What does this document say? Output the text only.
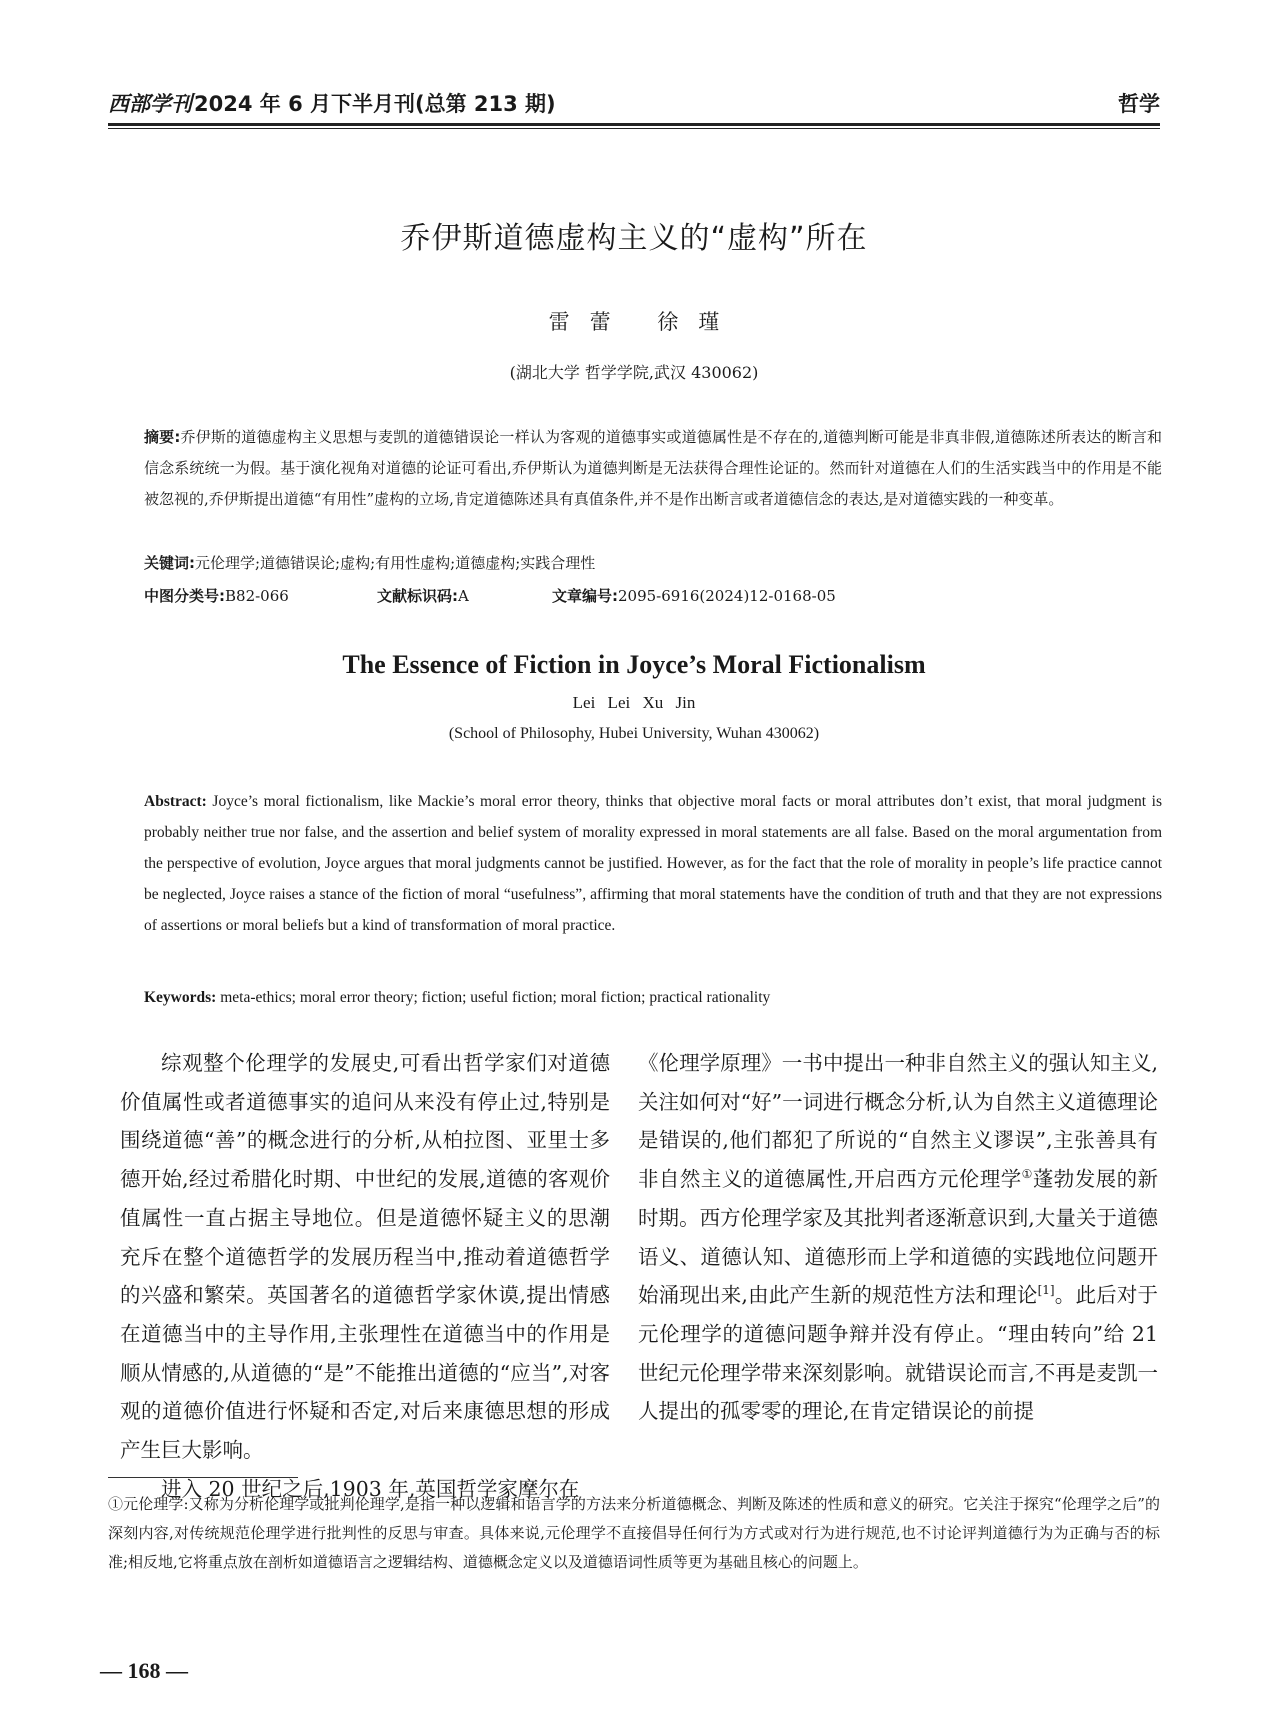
西部学刊2024 年 6 月下半月刊(总第 213 期)	哲学
乔伊斯道德虚构主义的“虚构”所在
雷蕾 徐瑾
(湖北大学 哲学学院,武汉 430062)
摘要:乔伊斯的道德虚构主义思想与麦凯的道德错误论一样认为客观的道德事实或道德属性是不存在的,道德判断可能是非真非假,道德陈述所表达的断言和信念系统统一为假。基于演化视角对道德的论证可看出,乔伊斯认为道德判断是无法获得合理性论证的。然而针对道德在人们的生活实践当中的作用是不能被忽视的,乔伊斯提出道德“有用性”虚构的立场,肯定道德陈述具有真值条件,并不是作出断言或者道德信念的表达,是对道德实践的一种变革。
关键词:元伦理学;道德错误论;虚构;有用性虚构;道德虚构;实践合理性
中图分类号:B82-066	文献标识码:A	文章编号:2095-6916(2024)12-0168-05
The Essence of Fiction in Joyce’s Moral Fictionalism
Lei Lei Xu Jin
(School of Philosophy, Hubei University, Wuhan 430062)
Abstract: Joyce’s moral fictionalism, like Mackie’s moral error theory, thinks that objective moral facts or moral attributes don’t exist, that moral judgment is probably neither true nor false, and the assertion and belief system of morality expressed in moral statements are all false. Based on the moral argumentation from the perspective of evolution, Joyce argues that moral judgments cannot be justified. However, as for the fact that the role of morality in people’s life practice cannot be neglected, Joyce raises a stance of the fiction of moral “usefulness”, affirming that moral statements have the condition of truth and that they are not expressions of assertions or moral beliefs but a kind of transformation of moral practice.
Keywords: meta-ethics; moral error theory; fiction; useful fiction; moral fiction; practical rationality

综观整个伦理学的发展史,可看出哲学家们对道德价值属性或者道德事实的追问从来没有停止过,特别是围绕道德“善”的概念进行的分析,从柏拉图、亚里士多德开始,经过希腊化时期、中世纪的发展,道德的客观价值属性一直占据主导地位。但是道德怀疑主义的思潮充斥在整个道德哲学的发展历程当中,推动着道德哲学的兴盛和繁荣。英国著名的道德哲学家休谟,提出情感在道德当中的主导作用,主张理性在道德当中的作用是顺从情感的,从道德的“是”不能推出道德的“应当”,对客观的道德价值进行怀疑和否定,对后来康德思想的形成产生巨大影响。

进入 20 世纪之后,1903 年,英国哲学家摩尔在

《伦理学原理》一书中提出一种非自然主义的强认知主义,关注如何对“好”一词进行概念分析,认为自然主义道德理论是错误的,他们都犯了所说的“自然主义谬误”,主张善具有非自然主义的道德属性,开启西方元伦理学①蓬勃发展的新时期。西方伦理学家及其批判者逐渐意识到,大量关于道德语义、道德认知、道德形而上学和道德的实践地位问题开始涌现出来,由此产生新的规范性方法和理论[1]。此后对于元伦理学的道德问题争辩并没有停止。“理由转向”给 21 世纪元伦理学带来深刻影响。就错误论而言,不再是麦凯一人提出的孤零零的理论,在肯定错误论的前提

①元伦理学:又称为分析伦理学或批判伦理学,是指一种以逻辑和语言学的方法来分析道德概念、判断及陈述的性质和意义的研究。它关注于探究“伦理学之后”的深刻内容,对传统规范伦理学进行批判性的反思与审查。具体来说,元伦理学不直接倡导任何行为方式或对行为进行规范,也不讨论评判道德行为为正确与否的标准;相反地,它将重点放在剖析如道德语言之逻辑结构、道德概念定义以及道德语词性质等更为基础且核心的问题上。
— 168 —
